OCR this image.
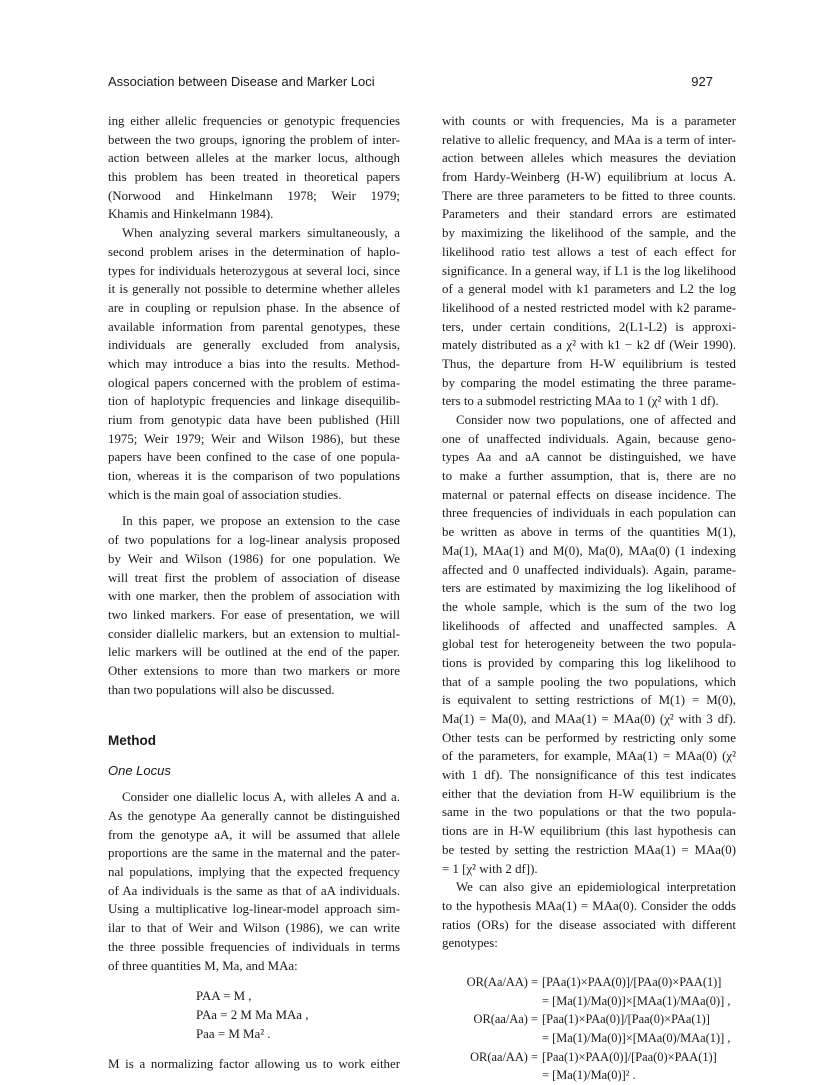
Association between Disease and Marker Loci	927
ing either allelic frequencies or genotypic frequencies
between the two groups, ignoring the problem of inter-
action between alleles at the marker locus, although
this problem has been treated in theoretical papers
(Norwood and Hinkelmann 1978; Weir 1979;
Khamis and Hinkelmann 1984).
When analyzing several markers simultaneously, a
second problem arises in the determination of haplo-
types for individuals heterozygous at several loci, since
it is generally not possible to determine whether alleles
are in coupling or repulsion phase. In the absence of
available information from parental genotypes, these
individuals are generally excluded from analysis,
which may introduce a bias into the results. Method-
ological papers concerned with the problem of estima-
tion of haplotypic frequencies and linkage disequilib-
rium from genotypic data have been published (Hill
1975; Weir 1979; Weir and Wilson 1986), but these
papers have been confined to the case of one popula-
tion, whereas it is the comparison of two populations
which is the main goal of association studies.
In this paper, we propose an extension to the case
of two populations for a log-linear analysis proposed
by Weir and Wilson (1986) for one population. We
will treat first the problem of association of disease
with one marker, then the problem of association with
two linked markers. For ease of presentation, we will
consider diallelic markers, but an extension to multial-
lelic markers will be outlined at the end of the paper.
Other extensions to more than two markers or more
than two populations will also be discussed.
Method
One Locus
Consider one diallelic locus A, with alleles A and a.
As the genotype Aa generally cannot be distinguished
from the genotype aA, it will be assumed that allele
proportions are the same in the maternal and the pater-
nal populations, implying that the expected frequency
of Aa individuals is the same as that of aA individuals.
Using a multiplicative log-linear-model approach sim-
ilar to that of Weir and Wilson (1986), we can write
the three possible frequencies of individuals in terms
of three quantities M, Ma, and MAa:
PAA = M ,
PAa = 2 M Ma MAa ,
Paa = M Ma² .
M is a normalizing factor allowing us to work either
with counts or with frequencies, Ma is a parameter
relative to allelic frequency, and MAa is a term of inter-
action between alleles which measures the deviation
from Hardy-Weinberg (H-W) equilibrium at locus A.
There are three parameters to be fitted to three counts.
Parameters and their standard errors are estimated
by maximizing the likelihood of the sample, and the
likelihood ratio test allows a test of each effect for
significance. In a general way, if L1 is the log likelihood
of a general model with k1 parameters and L2 the log
likelihood of a nested restricted model with k2 parame-
ters, under certain conditions, 2(L1-L2) is approxi-
mately distributed as a χ² with k1 − k2 df (Weir 1990).
Thus, the departure from H-W equilibrium is tested
by comparing the model estimating the three parame-
ters to a submodel restricting MAa to 1 (χ² with 1 df).
Consider now two populations, one of affected and
one of unaffected individuals. Again, because geno-
types Aa and aA cannot be distinguished, we have
to make a further assumption, that is, there are no
maternal or paternal effects on disease incidence. The
three frequencies of individuals in each population can
be written as above in terms of the quantities M(1),
Ma(1), MAa(1) and M(0), Ma(0), MAa(0) (1 indexing
affected and 0 unaffected individuals). Again, parame-
ters are estimated by maximizing the log likelihood of
the whole sample, which is the sum of the two log
likelihoods of affected and unaffected samples. A
global test for heterogeneity between the two popula-
tions is provided by comparing this log likelihood to
that of a sample pooling the two populations, which
is equivalent to setting restrictions of M(1) = M(0),
Ma(1) = Ma(0), and MAa(1) = MAa(0) (χ² with 3 df).
Other tests can be performed by restricting only some
of the parameters, for example, MAa(1) = MAa(0) (χ²
with 1 df). The nonsignificance of this test indicates
either that the deviation from H-W equilibrium is the
same in the two populations or that the two popula-
tions are in H-W equilibrium (this last hypothesis can
be tested by setting the restriction MAa(1) = MAa(0)
= 1 [χ² with 2 df]).
We can also give an epidemiological interpretation
to the hypothesis MAa(1) = MAa(0). Consider the odds
ratios (ORs) for the disease associated with different
genotypes:
OR(Aa/AA) = [PAa(1)×PAA(0)]/[PAa(0)×PAA(1)]
= [Ma(1)/Ma(0)]×[MAa(1)/MAa(0)] ,
OR(aa/Aa) = [Paa(1)×PAa(0)]/[Paa(0)×PAa(1)]
= [Ma(1)/Ma(0)]×[MAa(0)/MAa(1)] ,
OR(aa/AA) = [Paa(1)×PAA(0)]/[Paa(0)×PAA(1)]
= [Ma(1)/Ma(0)]² .
